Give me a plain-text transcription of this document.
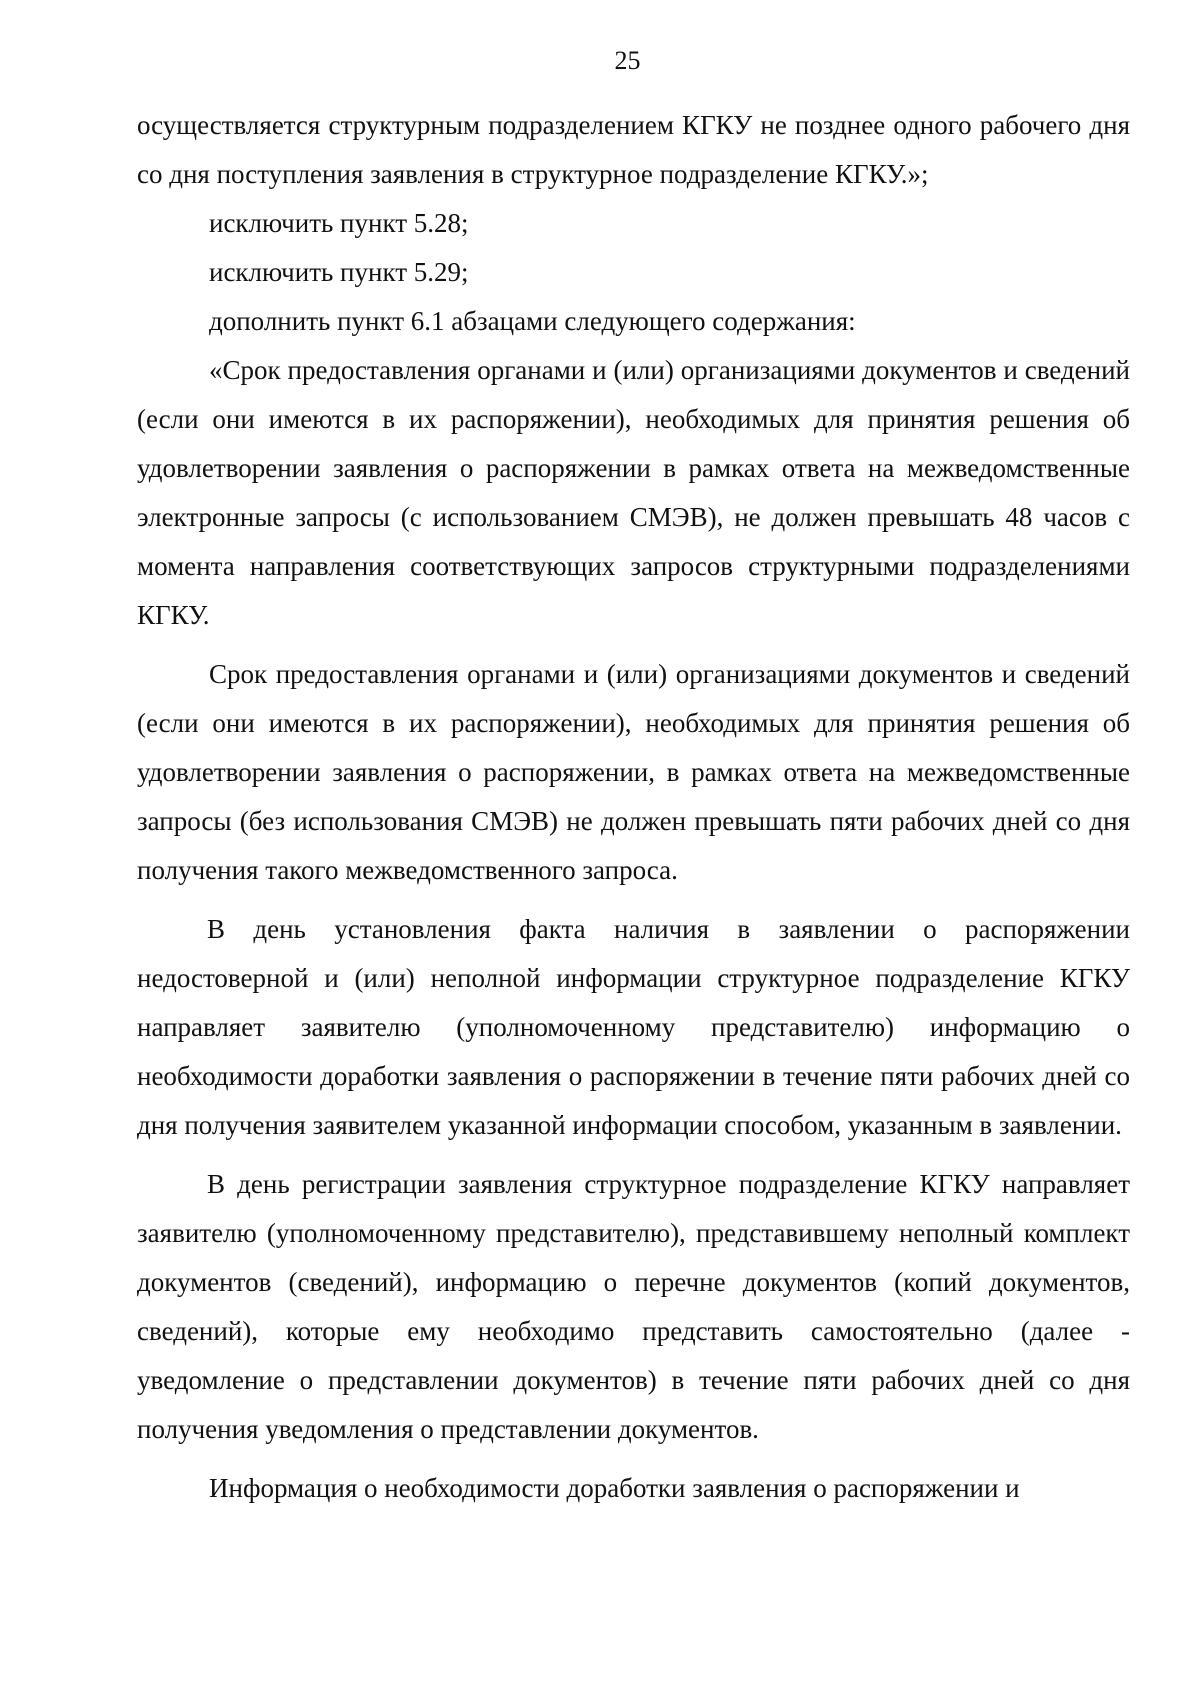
25

осуществляется структурным подразделением КГКУ не позднее одного рабочего дня со дня поступления заявления в структурное подразделение КГКУ.»;

исключить пункт 5.28;

исключить пункт 5.29;

дополнить пункт 6.1 абзацами следующего содержания:

«Срок предоставления органами и (или) организациями документов и сведений (если они имеются в их распоряжении), необходимых для принятия решения об удовлетворении заявления о распоряжении в рамках ответа на межведомственные электронные запросы (с использованием СМЭВ), не должен превышать 48 часов с момента направления соответствующих запросов структурными подразделениями КГКУ.

Срок предоставления органами и (или) организациями документов и сведений (если они имеются в их распоряжении), необходимых для принятия решения об удовлетворении заявления о распоряжении, в рамках ответа на межведомственные запросы (без использования СМЭВ) не должен превышать пяти рабочих дней со дня получения такого межведомственного запроса.

В день установления факта наличия в заявлении о распоряжении недостоверной и (или) неполной информации структурное подразделение КГКУ направляет заявителю (уполномоченному представителю) информацию о необходимости доработки заявления о распоряжении в течение пяти рабочих дней со дня получения заявителем указанной информации способом, указанным в заявлении.

В день регистрации заявления структурное подразделение КГКУ направляет заявителю (уполномоченному представителю), представившему неполный комплект документов (сведений), информацию о перечне документов (копий документов, сведений), которые ему необходимо представить самостоятельно (далее - уведомление о представлении документов) в течение пяти рабочих дней со дня получения уведомления о представлении документов.

Информация о необходимости доработки заявления о распоряжении и
